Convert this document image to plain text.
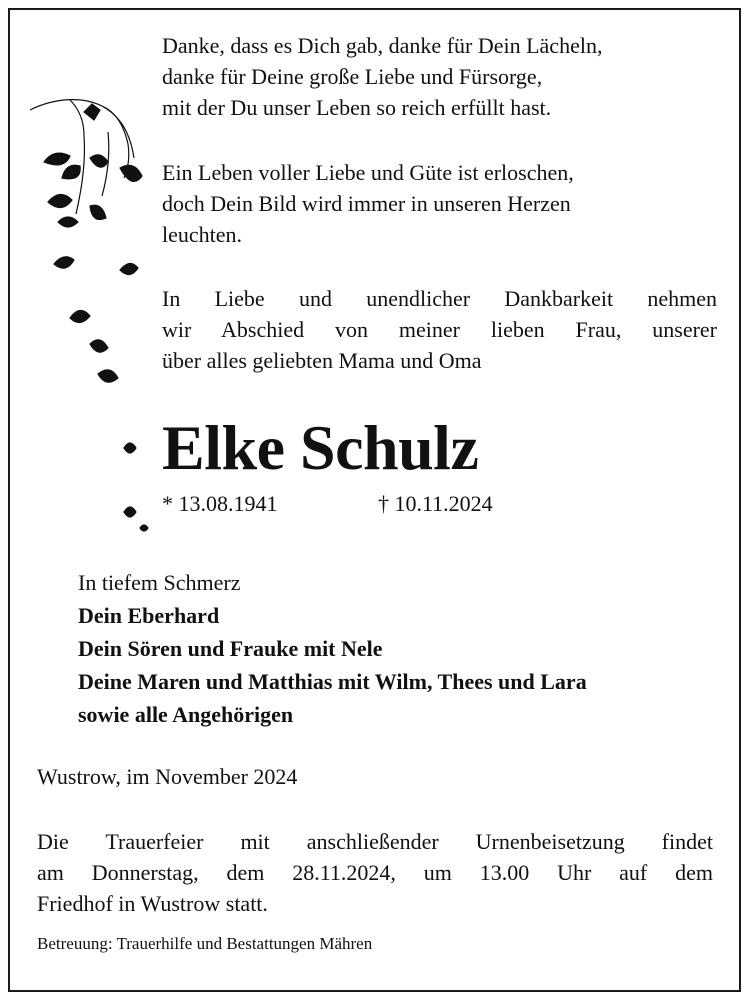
Danke, dass es Dich gab, danke für Dein Lächeln,
danke für Deine große Liebe und Fürsorge,
mit der Du unser Leben so reich erfüllt hast.

Ein Leben voller Liebe und Güte ist erloschen,
doch Dein Bild wird immer in unseren Herzen
leuchten.

In Liebe und unendlicher Dankbarkeit nehmen
wir Abschied von meiner lieben Frau, unserer
über alles geliebten Mama und Oma

Elke Schulz
* 13.08.1941	† 10.11.2024
In tiefem Schmerz
Dein Eberhard
Dein Sören und Frauke mit Nele
Deine Maren und Matthias mit Wilm, Thees und Lara
sowie alle Angehörigen
Wustrow, im November 2024

Die Trauerfeier mit anschließender Urnenbeisetzung findet
am Donnerstag, dem 28.11.2024, um 13.00 Uhr auf dem
Friedhof in Wustrow statt.

Betreuung: Trauerhilfe und Bestattungen Mähren
